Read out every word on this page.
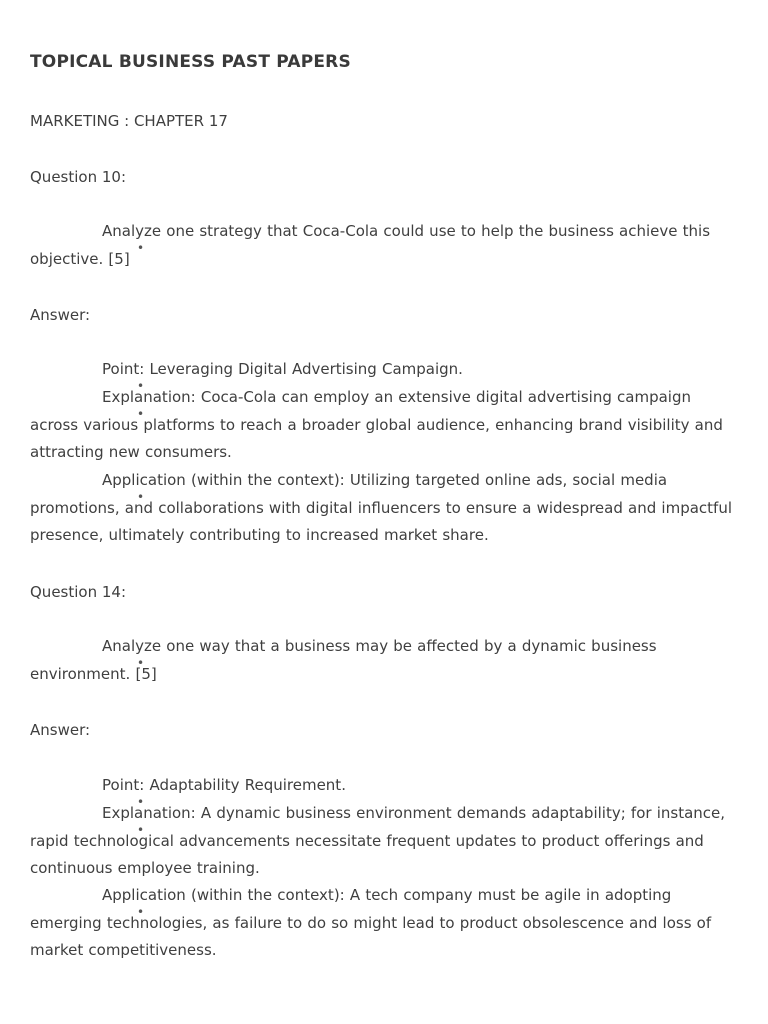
TOPICAL BUSINESS PAST PAPERS

MARKETING : CHAPTER 17

Question 10:

Analyze one strategy that Coca-Cola could use to help the business achieve this objective. [5]

Answer:

Point: Leveraging Digital Advertising Campaign.

Explanation: Coca-Cola can employ an extensive digital advertising campaign across various platforms to reach a broader global audience, enhancing brand visibility and attracting new consumers.

Application (within the context): Utilizing targeted online ads, social media promotions, and collaborations with digital influencers to ensure a widespread and impactful presence, ultimately contributing to increased market share.

Question 14:

Analyze one way that a business may be affected by a dynamic business environment. [5]

Answer:

Point: Adaptability Requirement.

Explanation: A dynamic business environment demands adaptability; for instance, rapid technological advancements necessitate frequent updates to product offerings and continuous employee training.

Application (within the context): A tech company must be agile in adopting emerging technologies, as failure to do so might lead to product obsolescence and loss of market competitiveness.
